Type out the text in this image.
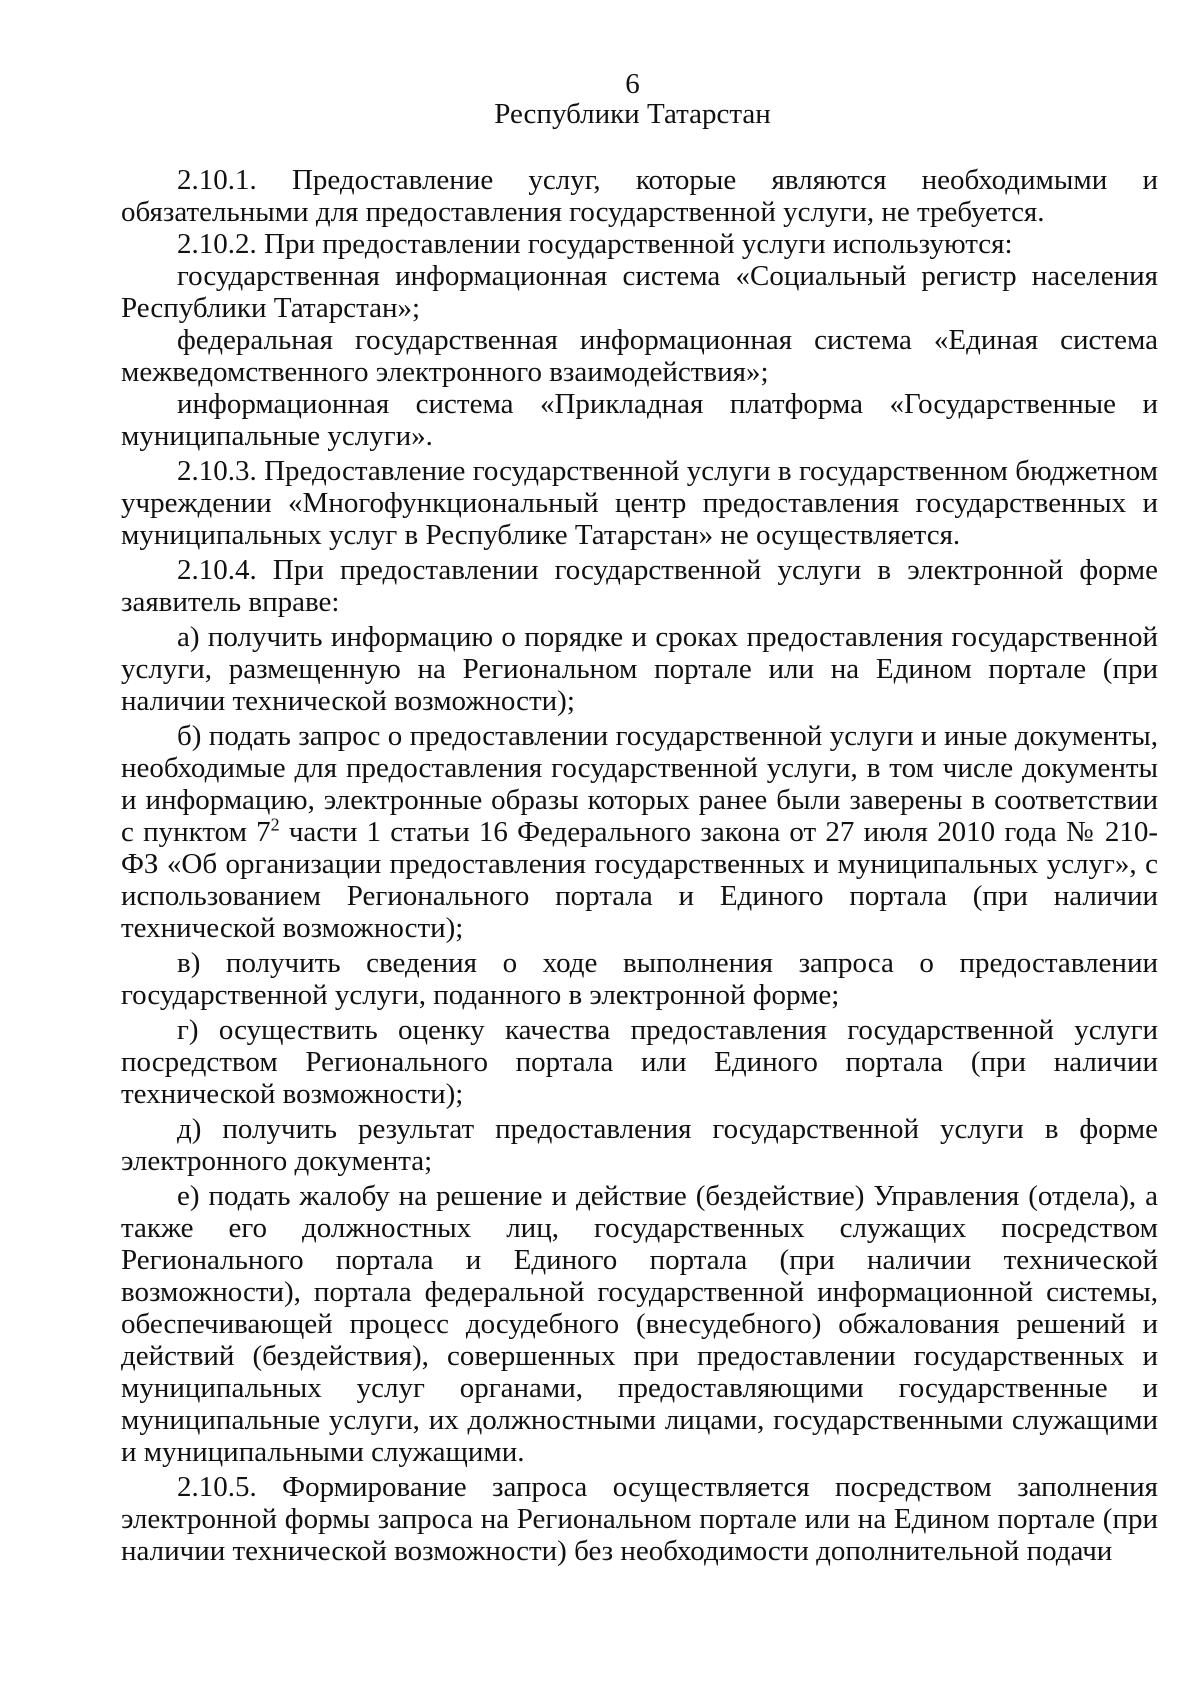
6
Республики Татарстан

2.10.1. Предоставление услуг, которые являются необходимыми и обязательными для предоставления государственной услуги, не требуется.

2.10.2. При предоставлении государственной услуги используются:

государственная информационная система «Социальный регистр населения Республики Татарстан»;

федеральная государственная информационная система «Единая система межведомственного электронного взаимодействия»;

информационная система «Прикладная платформа «Государственные и муниципальные услуги».

2.10.3. Предоставление государственной услуги в государственном бюджетном учреждении «Многофункциональный центр предоставления государственных и муниципальных услуг в Республике Татарстан» не осуществляется.

2.10.4. При предоставлении государственной услуги в электронной форме заявитель вправе:

а) получить информацию о порядке и сроках предоставления государственной услуги, размещенную на Региональном портале или на Едином портале (при наличии технической возможности);

б) подать запрос о предоставлении государственной услуги и иные документы, необходимые для предоставления государственной услуги, в том числе документы и информацию, электронные образы которых ранее были заверены в соответствии с пунктом $7^2$ части 1 статьи 16 Федерального закона от 27 июля 2010 года № 210-ФЗ «Об организации предоставления государственных и муниципальных услуг», с использованием Регионального портала и Единого портала (при наличии технической возможности);

в) получить сведения о ходе выполнения запроса о предоставлении государственной услуги, поданного в электронной форме;

г) осуществить оценку качества предоставления государственной услуги посредством Регионального портала или Единого портала (при наличии технической возможности);

д) получить результат предоставления государственной услуги в форме электронного документа;

е) подать жалобу на решение и действие (бездействие) Управления (отдела), а также его должностных лиц, государственных служащих посредством Регионального портала и Единого портала (при наличии технической возможности), портала федеральной государственной информационной системы, обеспечивающей процесс досудебного (внесудебного) обжалования решений и действий (бездействия), совершенных при предоставлении государственных и муниципальных услуг органами, предоставляющими государственные и муниципальные услуги, их должностными лицами, государственными служащими и муниципальными служащими.

2.10.5. Формирование запроса осуществляется посредством заполнения электронной формы запроса на Региональном портале или на Едином портале (при наличии технической возможности) без необходимости дополнительной подачи
